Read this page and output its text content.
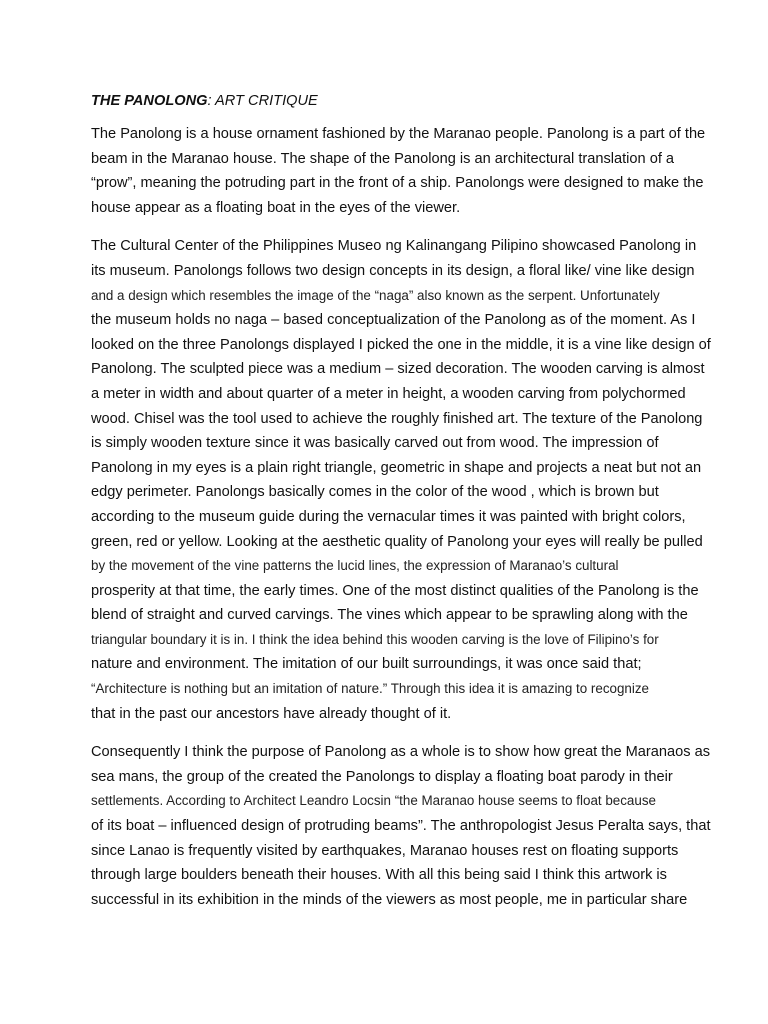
THE PANOLONG: ART CRITIQUE
The Panolong is a house ornament fashioned by the Maranao people. Panolong is a part of the
beam in the Maranao house. The shape of the Panolong is an architectural translation of a
“prow”, meaning the potruding part in the front of a ship. Panolongs were designed to make the
house appear as a floating boat in the eyes of the viewer.
The Cultural Center of the Philippines Museo ng Kalinangang Pilipino showcased Panolong in
its museum. Panolongs follows two design concepts in its design, a floral like/ vine like design
and a design which resembles the image of the “naga” also known as the serpent. Unfortunately
the museum holds no naga – based conceptualization of the Panolong as of the moment. As I
looked on the three Panolongs displayed I picked the one in the middle, it is a vine like design of
Panolong. The sculpted piece was a medium – sized decoration. The wooden carving is almost
a meter in width and about quarter of a meter in height, a wooden carving from polychormed
wood. Chisel was the tool used to achieve the roughly finished art. The texture of the Panolong
is simply wooden texture since it was basically carved out from wood. The impression of
Panolong in my eyes is a plain right triangle, geometric in shape and projects a neat but not an
edgy perimeter. Panolongs basically comes in the color of the wood , which is brown but
according to the museum guide during the vernacular times it was painted with bright colors,
green, red or yellow. Looking at the aesthetic quality of Panolong your eyes will really be pulled
by the movement of the vine patterns the lucid lines, the expression of Maranao’s cultural
prosperity at that time, the early times. One of the most distinct qualities of the Panolong is the
blend of straight and curved carvings. The vines which appear to be sprawling along with the
triangular boundary it is in. I think the idea behind this wooden carving is the love of Filipino’s for
nature and environment. The imitation of our built surroundings, it was once said that;
“Architecture is nothing but an imitation of nature.” Through this idea it is amazing to recognize
that in the past our ancestors have already thought of it.
Consequently I think the purpose of Panolong as a whole is to show how great the Maranaos as
sea mans, the group of the created the Panolongs to display a floating boat parody in their
settlements. According to Architect Leandro Locsin “the Maranao house seems to float because
of its boat – influenced design of protruding beams”. The anthropologist Jesus Peralta says, that
since Lanao is frequently visited by earthquakes, Maranao houses rest on floating supports
through large boulders beneath their houses. With all this being said I think this artwork is
successful in its exhibition in the minds of the viewers as most people, me in particular share
